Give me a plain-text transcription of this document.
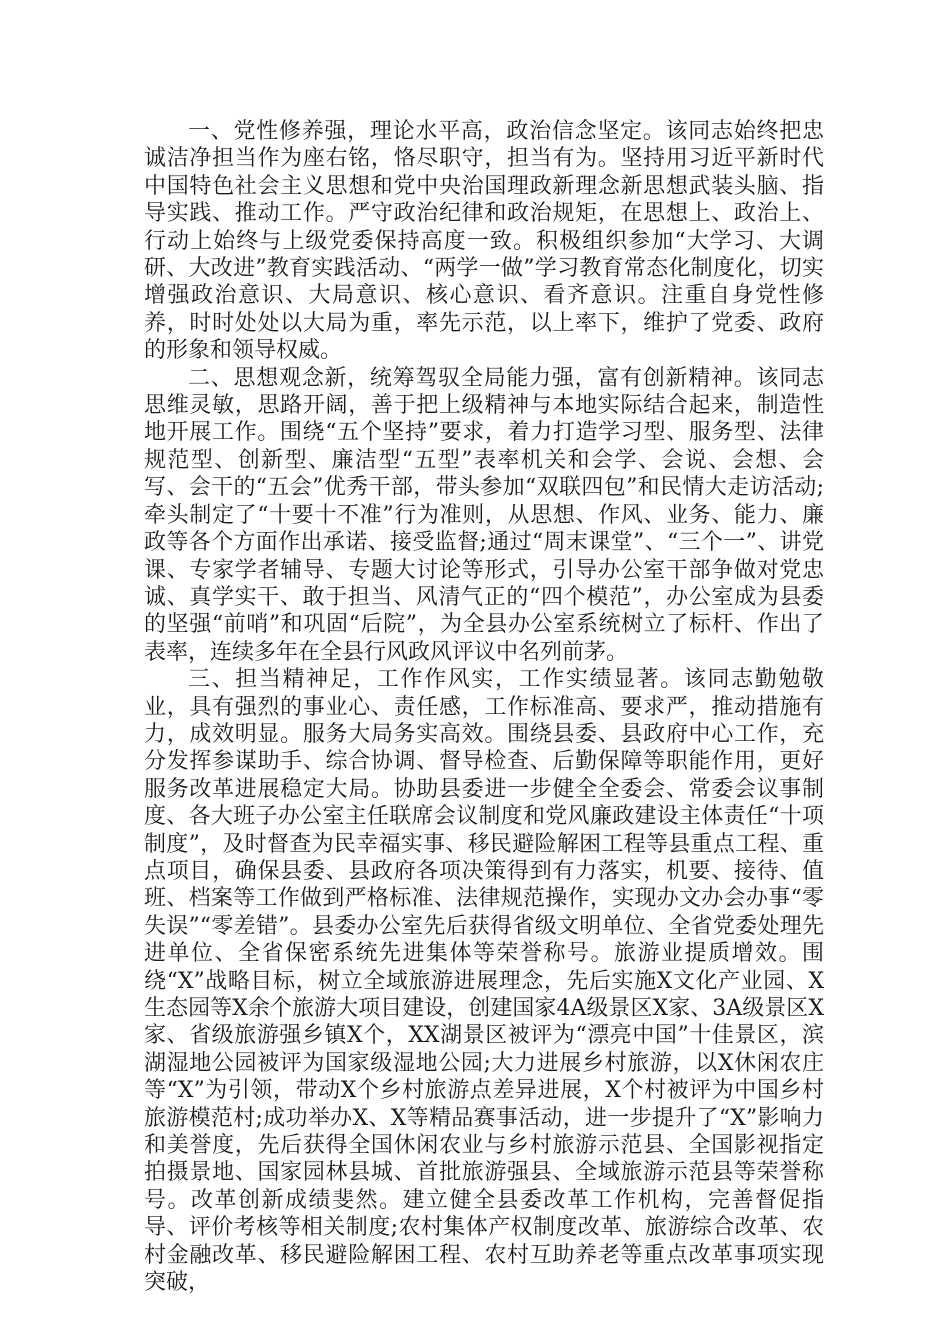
一、党性修养强，理论水平高，政治信念坚定。该同志始终把忠诚洁净担当作为座右铭，恪尽职守，担当有为。坚持用习近平新时代中国特色社会主义思想和党中央治国理政新理念新思想武装头脑、指导实践、推动工作。严守政治纪律和政治规矩，在思想上、政治上、行动上始终与上级党委保持高度一致。积极组织参加“大学习、大调研、大改进”教育实践活动、“两学一做”学习教育常态化制度化，切实增强政治意识、大局意识、核心意识、看齐意识。注重自身党性修养，时时处处以大局为重，率先示范，以上率下，维护了党委、政府的形象和领导权威。

二、思想观念新，统筹驾驭全局能力强，富有创新精神。该同志思维灵敏，思路开阔，善于把上级精神与本地实际结合起来，制造性地开展工作。围绕“五个坚持”要求，着力打造学习型、服务型、法律规范型、创新型、廉洁型“五型”表率机关和会学、会说、会想、会写、会干的“五会”优秀干部，带头参加“双联四包”和民情大走访活动;牵头制定了“十要十不准”行为准则，从思想、作风、业务、能力、廉政等各个方面作出承诺、接受监督;通过“周末课堂”、“三个一”、讲党课、专家学者辅导、专题大讨论等形式，引导办公室干部争做对党忠诚、真学实干、敢于担当、风清气正的“四个模范”，办公室成为县委的坚强“前哨”和巩固“后院”，为全县办公室系统树立了标杆、作出了表率，连续多年在全县行风政风评议中名列前茅。

三、担当精神足，工作作风实，工作实绩显著。该同志勤勉敬业，具有强烈的事业心、责任感，工作标准高、要求严，推动措施有力，成效明显。服务大局务实高效。围绕县委、县政府中心工作，充分发挥参谋助手、综合协调、督导检查、后勤保障等职能作用，更好服务改革进展稳定大局。协助县委进一步健全全委会、常委会议事制度、各大班子办公室主任联席会议制度和党风廉政建设主体责任“十项制度”，及时督查为民幸福实事、移民避险解困工程等县重点工程、重点项目，确保县委、县政府各项决策得到有力落实，机要、接待、值班、档案等工作做到严格标准、法律规范操作，实现办文办会办事“零失误”“零差错”。县委办公室先后获得省级文明单位、全省党委处理先进单位、全省保密系统先进集体等荣誉称号。旅游业提质增效。围绕“X”战略目标，树立全域旅游进展理念，先后实施X文化产业园、X生态园等X余个旅游大项目建设，创建国家4A级景区X家、3A级景区X家、省级旅游强乡镇X个，XX湖景区被评为“漂亮中国”十佳景区，滨湖湿地公园被评为国家级湿地公园;大力进展乡村旅游，以X休闲农庄等“X”为引领，带动X个乡村旅游点差异进展，X个村被评为中国乡村旅游模范村;成功举办X、X等精品赛事活动，进一步提升了“X”影响力和美誉度，先后获得全国休闲农业与乡村旅游示范县、全国影视指定拍摄景地、国家园林县城、首批旅游强县、全域旅游示范县等荣誉称号。改革创新成绩斐然。建立健全县委改革工作机构，完善督促指导、评价考核等相关制度;农村集体产权制度改革、旅游综合改革、农村金融改革、移民避险解困工程、农村互助养老等重点改革事项实现突破，
